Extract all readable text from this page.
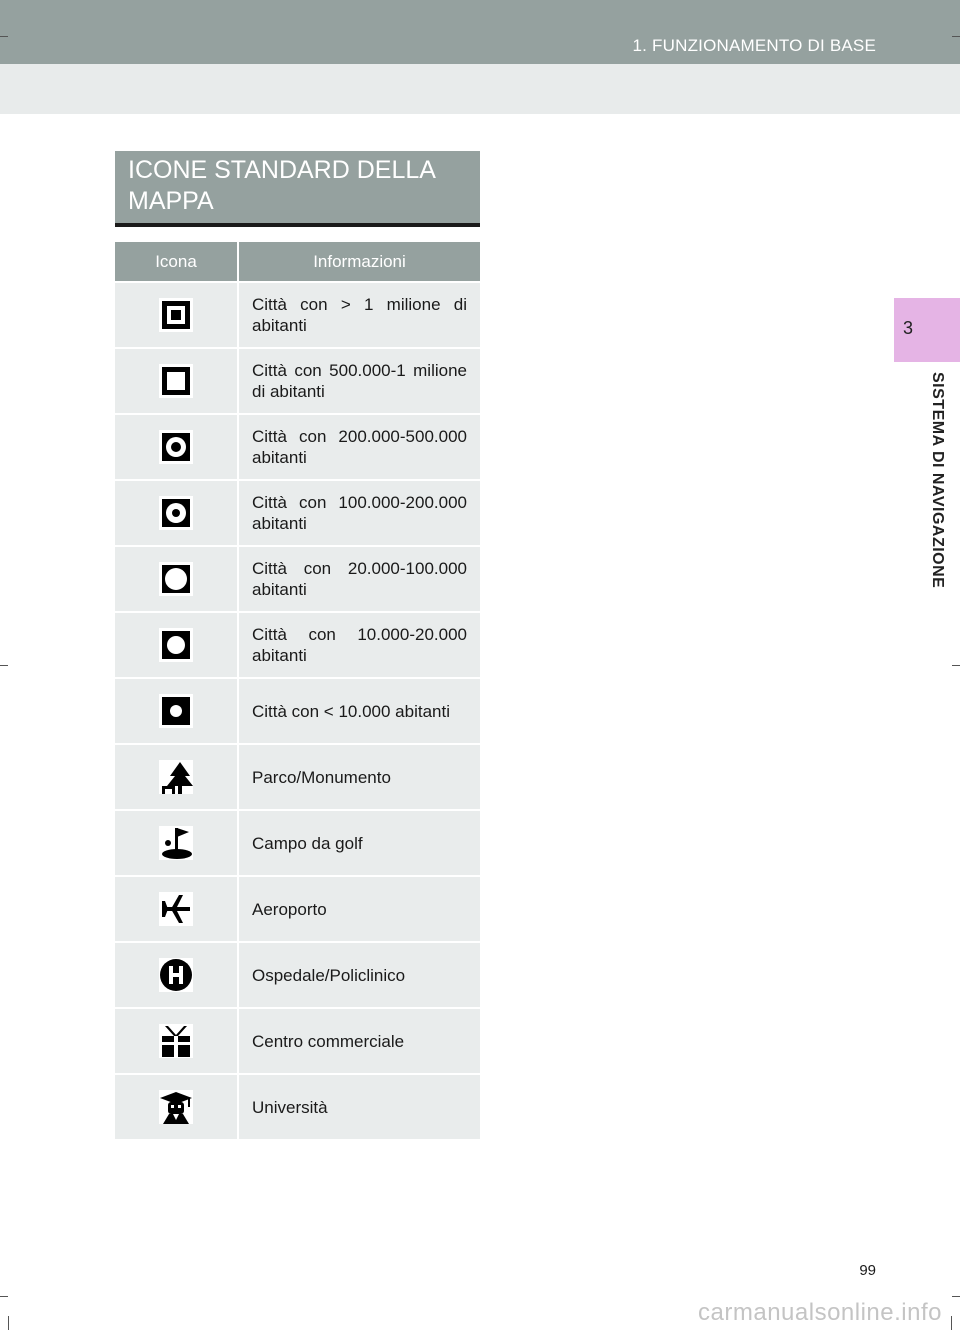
1. FUNZIONAMENTO DI BASE
3
SISTEMA DI NAVIGAZIONE
ICONE STANDARD DELLA MAPPA
Icona	Informazioni
	Città con > 1 milione di abitanti
	Città con 500.000-1 milione di abitanti
	Città con 200.000-500.000 abitanti
	Città con 100.000-200.000 abitanti
	Città con 20.000-100.000 abitanti
	Città con 10.000-20.000 abitanti
	Città con < 10.000 abitanti
	Parco/Monumento
	Campo da golf
	Aeroporto
	Ospedale/Policlinico
	Centro commerciale
	Università
99
carmanualsonline.info
